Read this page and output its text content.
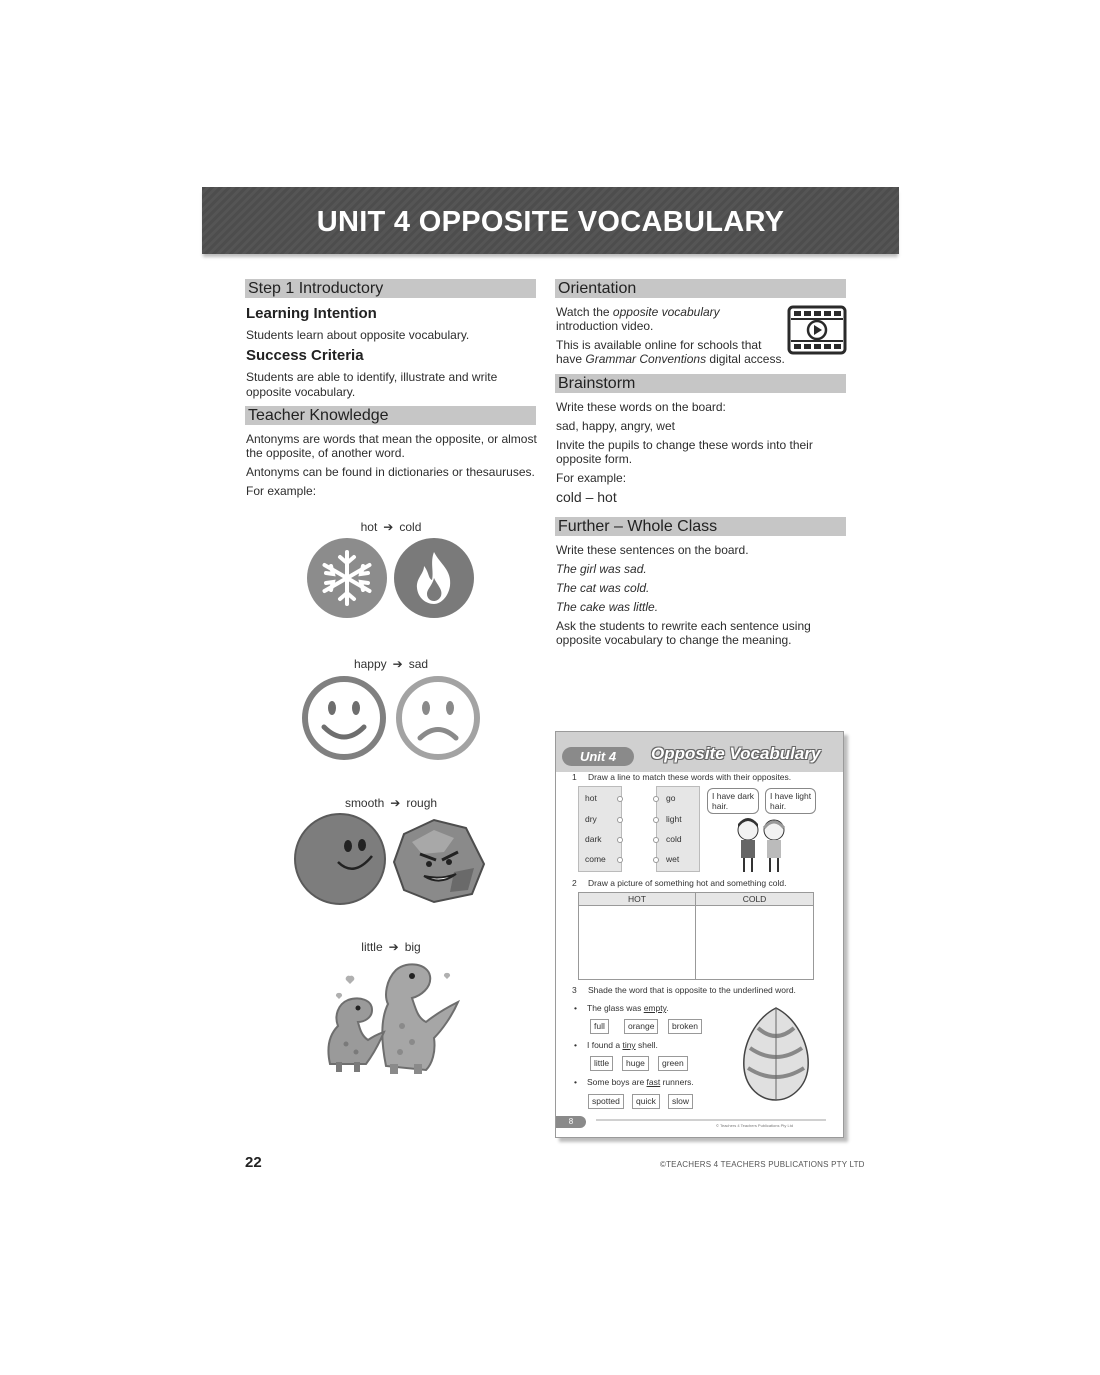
UNIT 4 OPPOSITE VOCABULARY
Step 1 Introductory
Learning Intention
Students learn about opposite vocabulary.
Success Criteria
Students are able to identify, illustrate and write
opposite vocabulary.
Teacher Knowledge
Antonyms are words that mean the opposite, or almost
the opposite, of another word.
Antonyms can be found in dictionaries or thesauruses.
For example:
hot ➔ cold
happy ➔ sad
smooth ➔ rough
little ➔ big
Orientation
Watch the opposite vocabulary
introduction video.
This is available online for schools that
have Grammar Conventions digital access.
Brainstorm
Write these words on the board:
sad, happy, angry, wet
Invite the pupils to change these words into their
opposite form.
For example:
cold – hot
Further – Whole Class
Write these sentences on the board.
The girl was sad.
The cat was cold.
The cake was little.
Ask the students to rewrite each sentence using
opposite vocabulary to change the meaning.
Unit 4	Opposite Vocabulary
1 Draw a line to match these words with their opposites.
hot
dry
dark
come
go
light
cold
wet
I have dark
hair.
I have light
hair.
2 Draw a picture of something hot and something cold.
HOT	COLD
3 Shade the word that is opposite to the underlined word.
• The glass was empty.
full	orange	broken
• I found a tiny shell.
little	huge	green
• Some boys are fast runners.
spotted	quick	slow
8	© Teachers 4 Teachers Publications Pty Ltd
22	©TEACHERS 4 TEACHERS PUBLICATIONS PTY LTD
